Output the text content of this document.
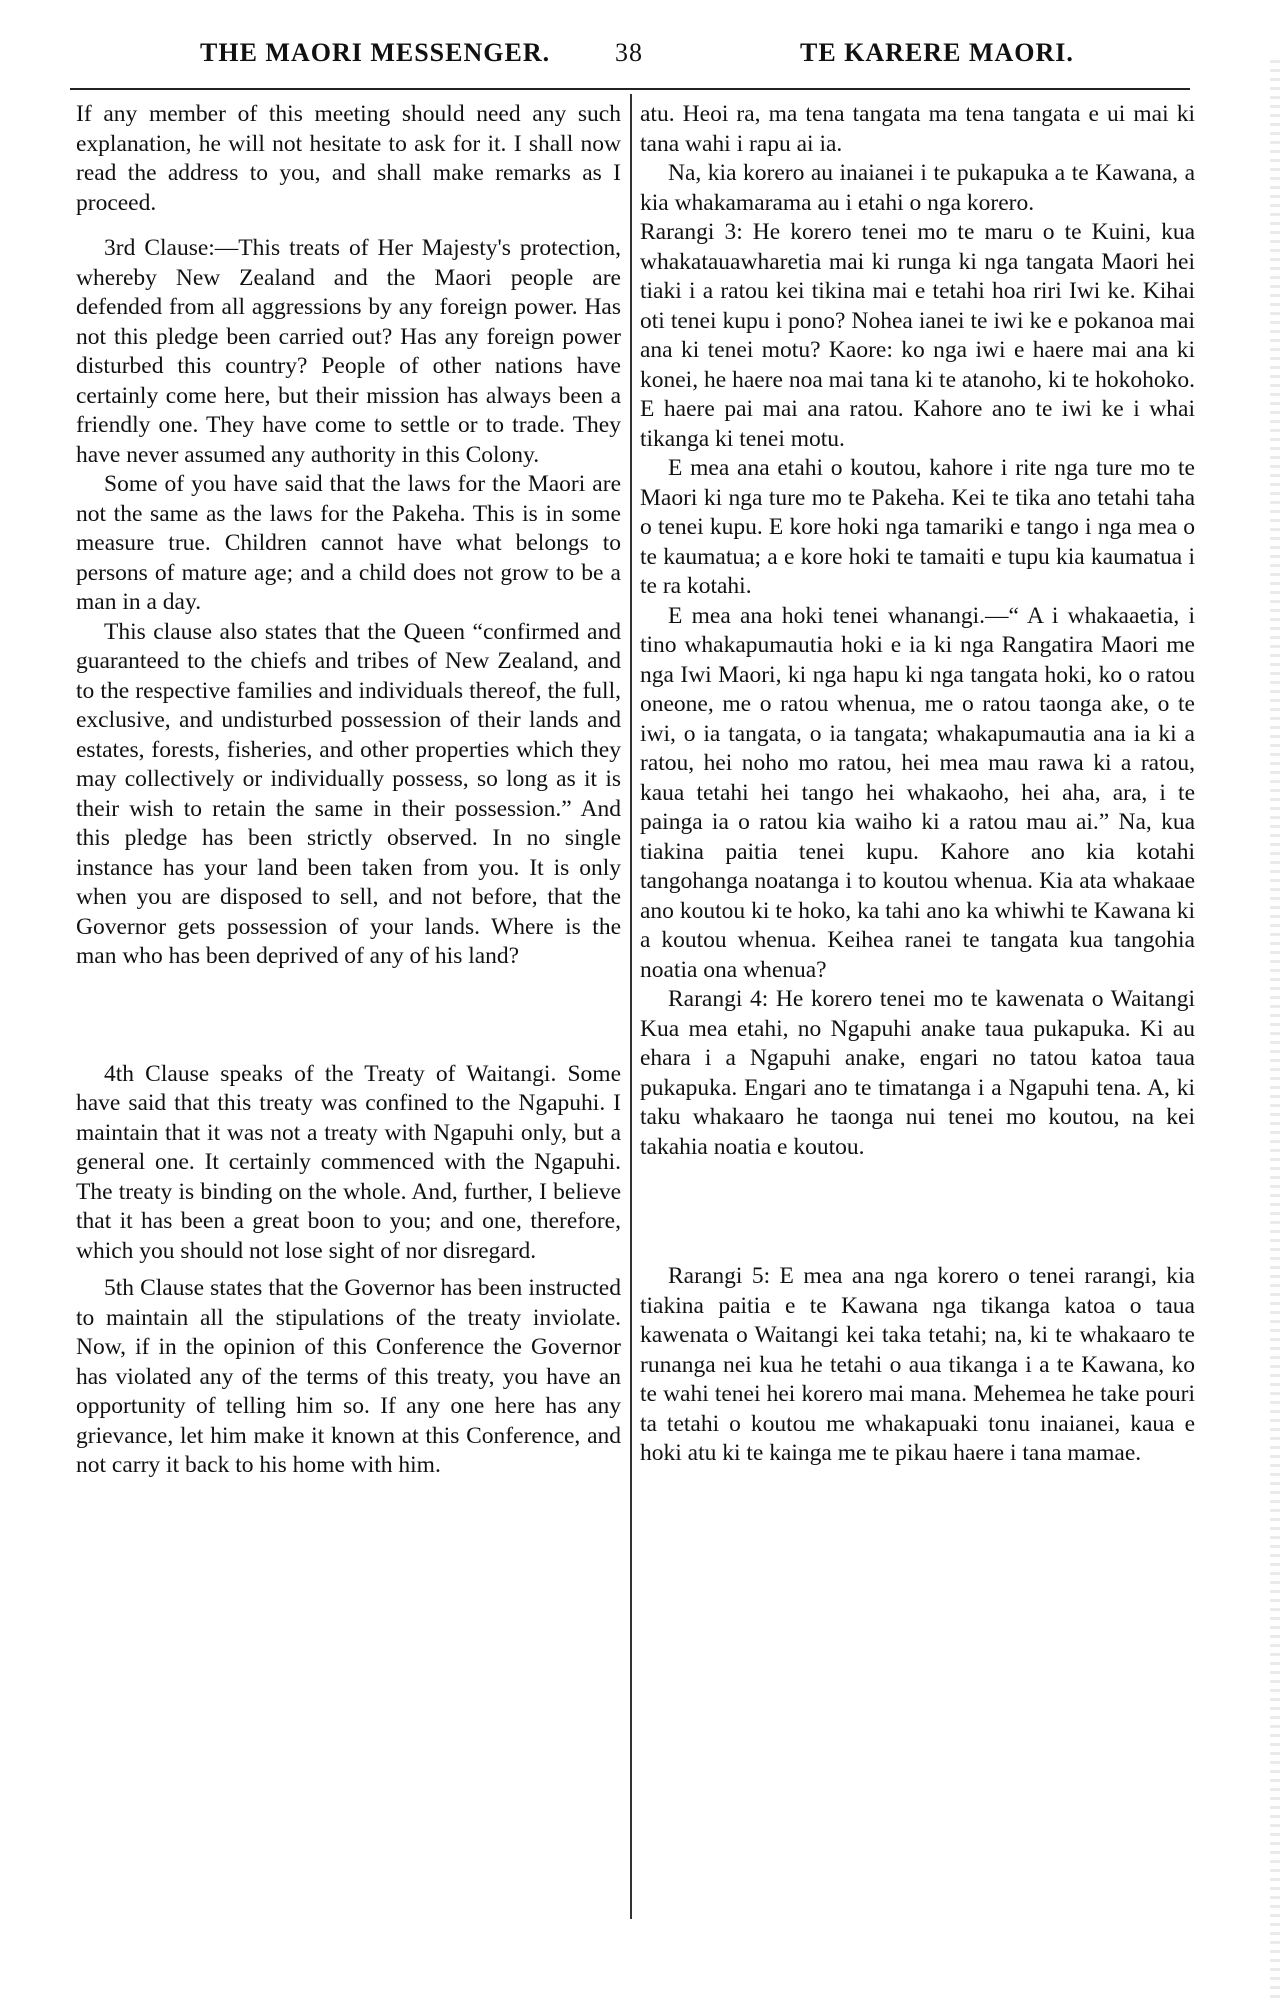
THE MAORI MESSENGER. 38	TE KARERE MAORI.

If any member of this meeting should need any such explanation, he will not hesitate to ask for it. I shall now read the address to you, and shall make remarks as I proceed.

3rd Clause:—This treats of Her Majesty's protection, whereby New Zealand and the Maori people are defended from all aggressions by any foreign power. Has not this pledge been carried out? Has any foreign power disturbed this country? People of other nations have certainly come here, but their mission has always been a friendly one. They have come to settle or to trade. They have never assumed any authority in this Colony.

Some of you have said that the laws for the Maori are not the same as the laws for the Pakeha. This is in some measure true. Children cannot have what belongs to persons of mature age; and a child does not grow to be a man in a day.

This clause also states that the Queen “confirmed and guaranteed to the chiefs and tribes of New Zealand, and to the respective families and individuals thereof, the full, exclusive, and undisturbed possession of their lands and estates, forests, fisheries, and other properties which they may collectively or individually possess, so long as it is their wish to retain the same in their possession.” And this pledge has been strictly observed. In no single instance has your land been taken from you. It is only when you are disposed to sell, and not before, that the Governor gets possession of your lands. Where is the man who has been deprived of any of his land?

4th Clause speaks of the Treaty of Waitangi. Some have said that this treaty was confined to the Ngapuhi. I maintain that it was not a treaty with Ngapuhi only, but a general one. It certainly commenced with the Ngapuhi. The treaty is binding on the whole. And, further, I believe that it has been a great boon to you; and one, therefore, which you should not lose sight of nor disregard.

5th Clause states that the Governor has been instructed to maintain all the stipulations of the treaty inviolate. Now, if in the opinion of this Conference the Governor has violated any of the terms of this treaty, you have an opportunity of telling him so. If any one here has any grievance, let him make it known at this Conference, and not carry it back to his home with him.

atu. Heoi ra, ma tena tangata ma tena tangata e ui mai ki tana wahi i rapu ai ia.

Na, kia korero au inaianei i te pukapuka a te Kawana, a kia whakamarama au i etahi o nga korero.

Rarangi 3: He korero tenei mo te maru o te Kuini, kua whakatauawharetia mai ki runga ki nga tangata Maori hei tiaki i a ratou kei tikina mai e tetahi hoa riri Iwi ke. Kihai oti tenei kupu i pono? Nohea ianei te iwi ke e pokanoa mai ana ki tenei motu? Kaore: ko nga iwi e haere mai ana ki konei, he haere noa mai tana ki te atanoho, ki te hokohoko. E haere pai mai ana ratou. Kahore ano te iwi ke i whai tikanga ki tenei motu.

E mea ana etahi o koutou, kahore i rite nga ture mo te Maori ki nga ture mo te Pakeha. Kei te tika ano tetahi taha o tenei kupu. E kore hoki nga tamariki e tango i nga mea o te kaumatua; a e kore hoki te tamaiti e tupu kia kaumatua i te ra kotahi.

E mea ana hoki tenei whanangi.—“ A i whakaaetia, i tino whakapumautia hoki e ia ki nga Rangatira Maori me nga Iwi Maori, ki nga hapu ki nga tangata hoki, ko o ratou oneone, me o ratou whenua, me o ratou taonga ake, o te iwi, o ia tangata, o ia tangata; whakapumautia ana ia ki a ratou, hei noho mo ratou, hei mea mau rawa ki a ratou, kaua tetahi hei tango hei whakaoho, hei aha, ara, i te painga ia o ratou kia waiho ki a ratou mau ai.” Na, kua tiakina paitia tenei kupu. Kahore ano kia kotahi tangohanga noatanga i to koutou whenua. Kia ata whakaae ano koutou ki te hoko, ka tahi ano ka whiwhi te Kawana ki a koutou whenua. Keihea ranei te tangata kua tangohia noatia ona whenua?

Rarangi 4: He korero tenei mo te kawenata o Waitangi Kua mea etahi, no Ngapuhi anake taua pukapuka. Ki au ehara i a Ngapuhi anake, engari no tatou katoa taua pukapuka. Engari ano te timatanga i a Ngapuhi tena. A, ki taku whakaaro he taonga nui tenei mo koutou, na kei takahia noatia e koutou.

Rarangi 5: E mea ana nga korero o tenei rarangi, kia tiakina paitia e te Kawana nga tikanga katoa o taua kawenata o Waitangi kei taka tetahi; na, ki te whakaaro te runanga nei kua he tetahi o aua tikanga i a te Kawana, ko te wahi tenei hei korero mai mana. Mehemea he take pouri ta tetahi o koutou me whakapuaki tonu inaianei, kaua e hoki atu ki te kainga me te pikau haere i tana mamae.
